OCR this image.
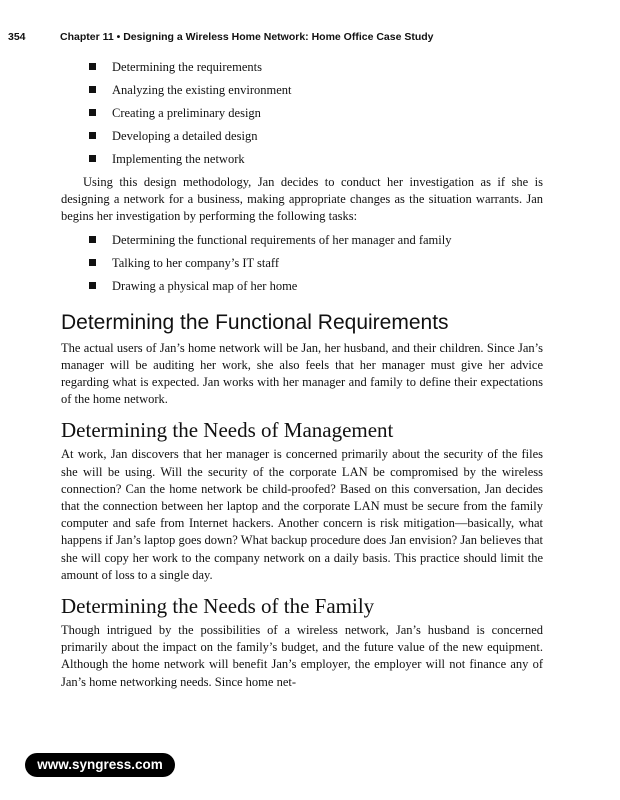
354	Chapter 11 • Designing a Wireless Home Network: Home Office Case Study
Determining the requirements
Analyzing the existing environment
Creating a preliminary design
Developing a detailed design
Implementing the network

Using this design methodology, Jan decides to conduct her investigation as if she is designing a network for a business, making appropriate changes as the situation warrants. Jan begins her investigation by performing the following tasks:

Determining the functional requirements of her manager and family
Talking to her company’s IT staff
Drawing a physical map of her home
Determining the Functional Requirements

The actual users of Jan’s home network will be Jan, her husband, and their children. Since Jan’s manager will be auditing her work, she also feels that her manager must give her advice regarding what is expected. Jan works with her manager and family to define their expectations of the home network.

Determining the Needs of Management

At work, Jan discovers that her manager is concerned primarily about the security of the files she will be using. Will the security of the corporate LAN be compromised by the wireless connection? Can the home network be child-proofed? Based on this conversation, Jan decides that the connection between her laptop and the corporate LAN must be secure from the family computer and safe from Internet hackers. Another concern is risk mitigation—basically, what happens if Jan’s laptop goes down? What backup procedure does Jan envision? Jan believes that she will copy her work to the company network on a daily basis. This practice should limit the amount of loss to a single day.

Determining the Needs of the Family

Though intrigued by the possibilities of a wireless network, Jan’s husband is concerned primarily about the impact on the family’s budget, and the future value of the new equipment. Although the home network will benefit Jan’s employer, the employer will not finance any of Jan’s home networking needs. Since home net-

www.syngress.com
